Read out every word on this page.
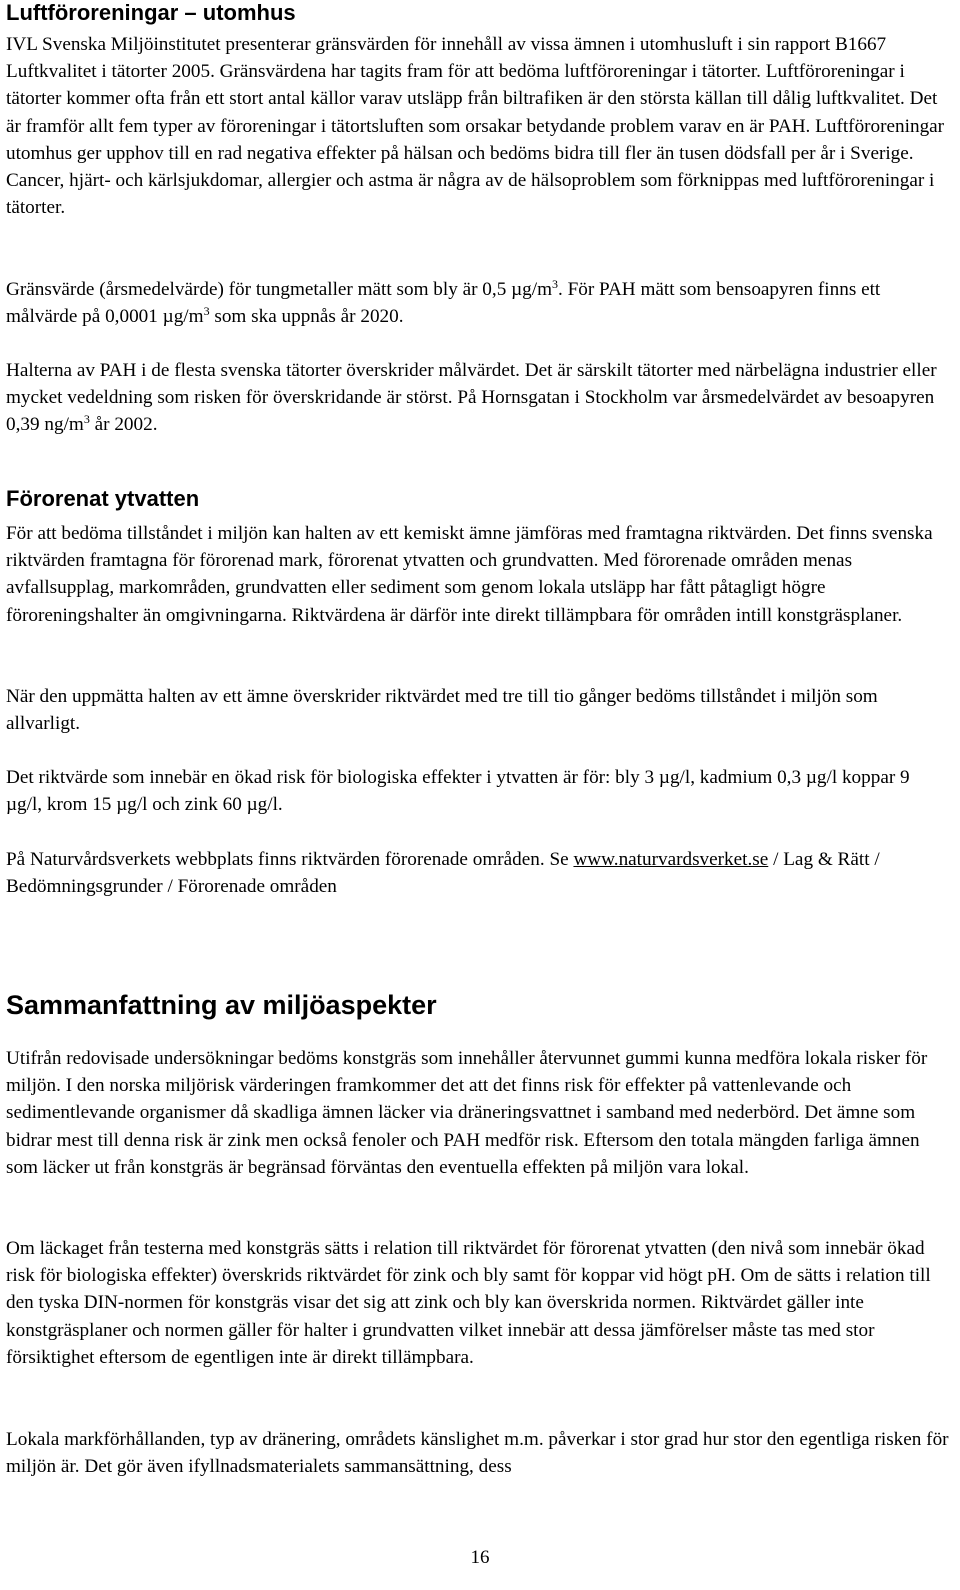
Luftföroreningar – utomhus

IVL Svenska Miljöinstitutet presenterar gränsvärden för innehåll av vissa ämnen i utomhusluft i sin rapport B1667 Luftkvalitet i tätorter 2005. Gränsvärdena har tagits fram för att bedöma luftföroreningar i tätorter. Luftföroreningar i tätorter kommer ofta från ett stort antal källor varav utsläpp från biltrafiken är den största källan till dålig luftkvalitet. Det är framför allt fem typer av föroreningar i tätortsluften som orsakar betydande problem varav en är PAH. Luftföroreningar utomhus ger upphov till en rad negativa effekter på hälsan och bedöms bidra till fler än tusen dödsfall per år i Sverige. Cancer, hjärt- och kärlsjukdomar, allergier och astma är några av de hälsoproblem som förknippas med luftföroreningar i tätorter.

Gränsvärde (årsmedelvärde) för tungmetaller mätt som bly är 0,5 $\mu g/m^3$. För PAH mätt som bensoapyren finns ett målvärde på 0,0001 $\mu g/m^3$ som ska uppnås år 2020.

Halterna av PAH i de flesta svenska tätorter överskrider målvärdet. Det är särskilt tätorter med närbelägna industrier eller mycket vedeldning som risken för överskridande är störst. På Hornsgatan i Stockholm var årsmedelvärdet av besoapyren 0,39 $ng/m^3$ år 2002.

Förorenat ytvatten

För att bedöma tillståndet i miljön kan halten av ett kemiskt ämne jämföras med framtagna riktvärden. Det finns svenska riktvärden framtagna för förorenad mark, förorenat ytvatten och grundvatten. Med förorenade områden menas avfallsupplag, markområden, grundvatten eller sediment som genom lokala utsläpp har fått påtagligt högre föroreningshalter än omgivningarna. Riktvärdena är därför inte direkt tillämpbara för områden intill konstgräsplaner.

När den uppmätta halten av ett ämne överskrider riktvärdet med tre till tio gånger bedöms tillståndet i miljön som allvarligt.

Det riktvärde som innebär en ökad risk för biologiska effekter i ytvatten är för: bly 3 µg/l, kadmium 0,3 µg/l koppar 9 µg/l, krom 15 µg/l och zink 60 µg/l.

På Naturvårdsverkets webbplats finns riktvärden förorenade områden. Se www.naturvardsverket.se / Lag & Rätt / Bedömningsgrunder / Förorenade områden

Sammanfattning av miljöaspekter

Utifrån redovisade undersökningar bedöms konstgräs som innehåller återvunnet gummi kunna medföra lokala risker för miljön. I den norska miljörisk värderingen framkommer det att det finns risk för effekter på vattenlevande och sedimentlevande organismer då skadliga ämnen läcker via dräneringsvattnet i samband med nederbörd. Det ämne som bidrar mest till denna risk är zink men också fenoler och PAH medför risk. Eftersom den totala mängden farliga ämnen som läcker ut från konstgräs är begränsad förväntas den eventuella effekten på miljön vara lokal.

Om läckaget från testerna med konstgräs sätts i relation till riktvärdet för förorenat ytvatten (den nivå som innebär ökad risk för biologiska effekter) överskrids riktvärdet för zink och bly samt för koppar vid högt pH. Om de sätts i relation till den tyska DIN-normen för konstgräs visar det sig att zink och bly kan överskrida normen. Riktvärdet gäller inte konstgräsplaner och normen gäller för halter i grundvatten vilket innebär att dessa jämförelser måste tas med stor försiktighet eftersom de egentligen inte är direkt tillämpbara.

Lokala markförhållanden, typ av dränering, områdets känslighet m.m. påverkar i stor grad hur stor den egentliga risken för miljön är. Det gör även ifyllnadsmaterialets sammansättning, dess

16
